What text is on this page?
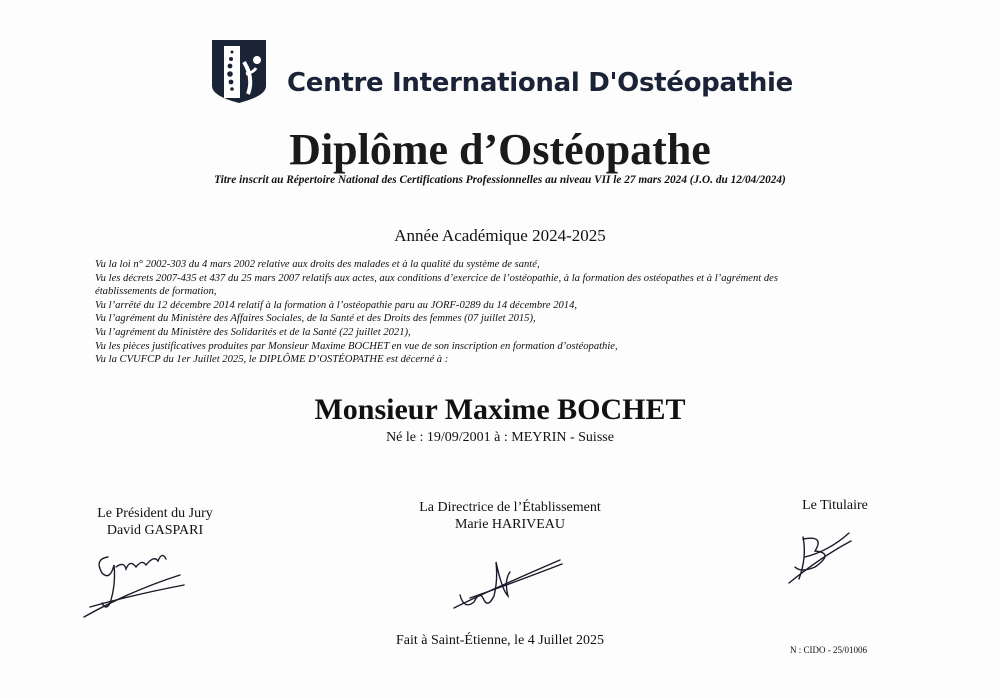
Centre International D'Ostéopathie
Diplôme d’Ostéopathe
Titre inscrit au Répertoire National des Certifications Professionnelles au niveau VII le 27 mars 2024 (J.O. du 12/04/2024)
Année Académique 2024-2025
Vu la loi n° 2002-303 du 4 mars 2002 relative aux droits des malades et à la qualité du système de santé,
Vu les décrets 2007-435 et 437 du 25 mars 2007 relatifs aux actes, aux conditions d’exercice de l’ostéopathie, à la formation des ostéopathes et à l’agrément des
établissements de formation,
Vu l’arrêté du 12 décembre 2014 relatif à la formation à l’ostéopathie paru au JORF-0289 du 14 décembre 2014,
Vu l’agrément du Ministère des Affaires Sociales, de la Santé et des Droits des femmes (07 juillet 2015),
Vu l’agrément du Ministère des Solidarités et de la Santé (22 juillet 2021),
Vu les pièces justificatives produites par Monsieur Maxime BOCHET en vue de son inscription en formation d’ostéopathie,
Vu la CVUFCP du 1er Juillet 2025, le DIPLÔME D’OSTÉOPATHE est décerné à :
Monsieur Maxime BOCHET
Né le : 19/09/2001 à : MEYRIN - Suisse
Le Président du Jury
David GASPARI
La Directrice de l’Établissement
Marie HARIVEAU
Le Titulaire
Fait à Saint-Étienne, le 4 Juillet 2025
N : CIDO - 25/01006
